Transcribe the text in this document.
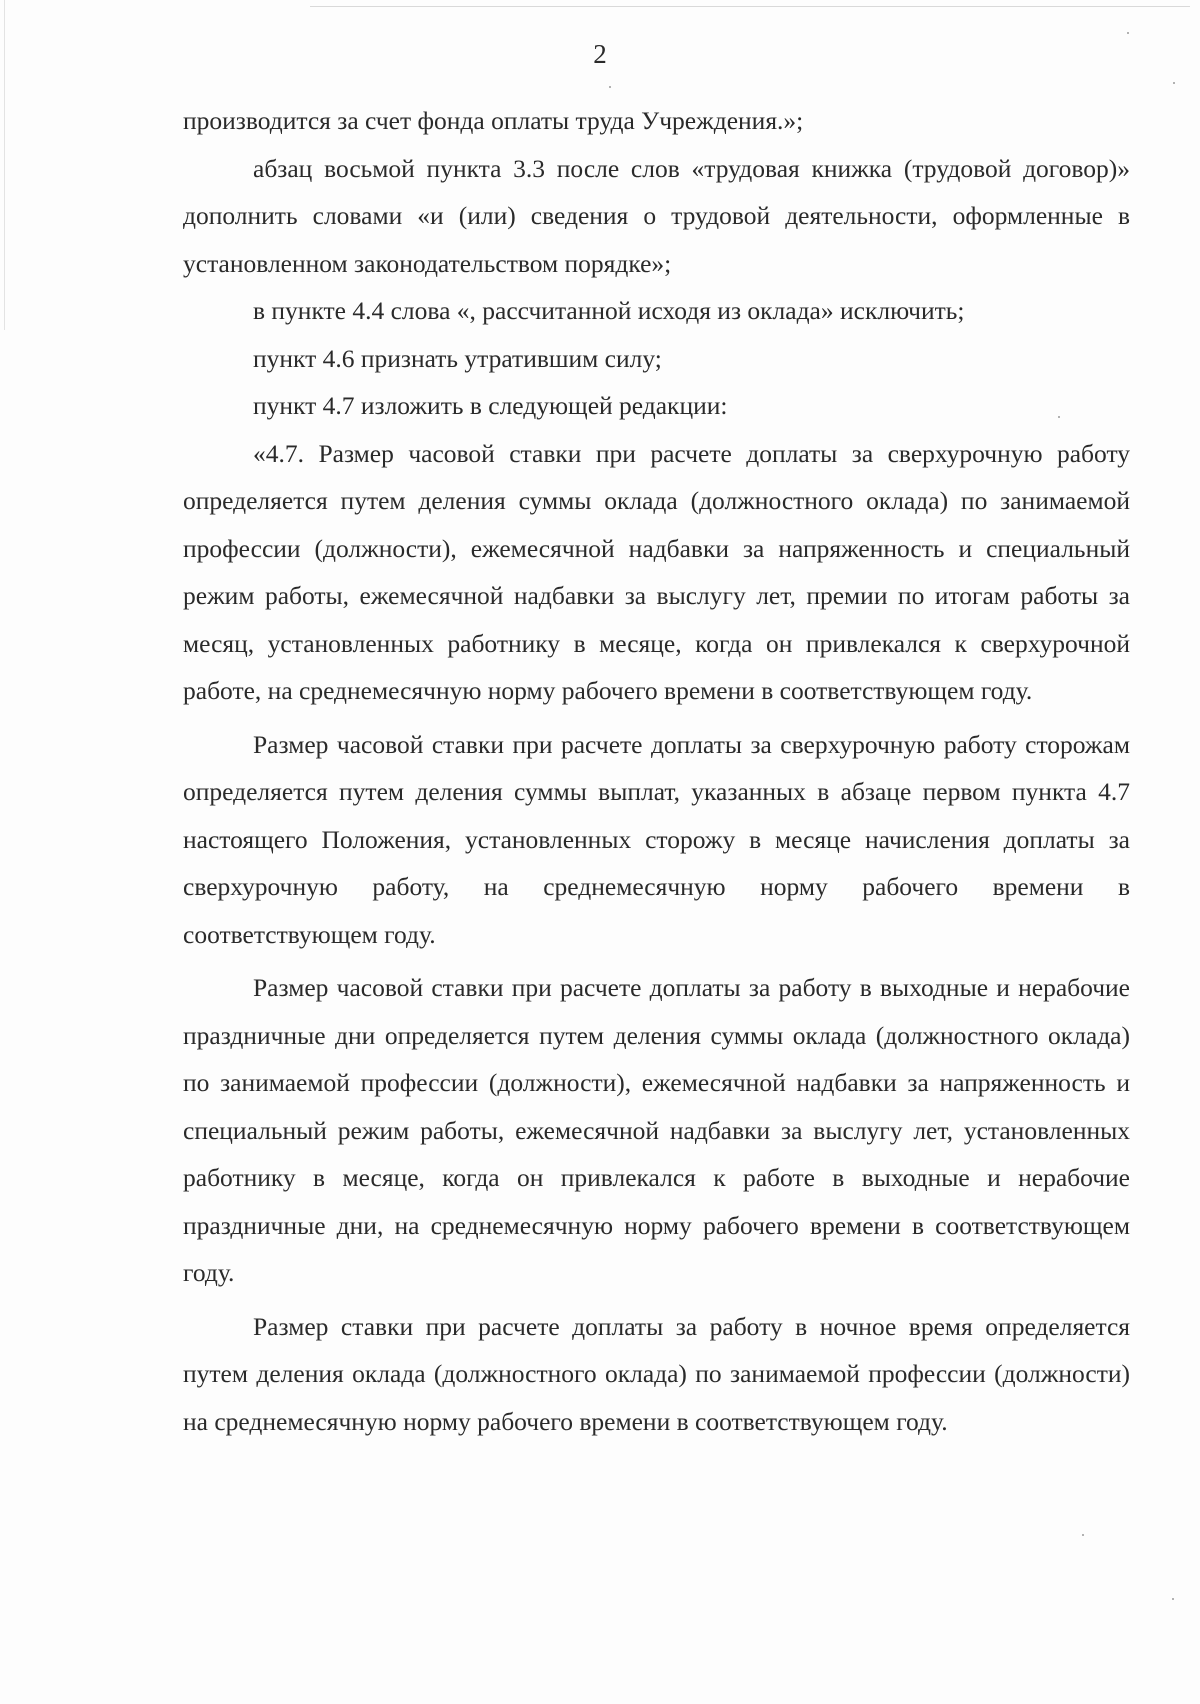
2

производится за счет фонда оплаты труда Учреждения.»;

абзац восьмой пункта 3.3 после слов «трудовая книжка (трудовой договор)» дополнить словами «и (или) сведения о трудовой деятельности, оформленные в установленном законодательством порядке»;

в пункте 4.4 слова «, рассчитанной исходя из оклада» исключить;

пункт 4.6 признать утратившим силу;

пункт 4.7 изложить в следующей редакции:

«4.7. Размер часовой ставки при расчете доплаты за сверхурочную работу определяется путем деления суммы оклада (должностного оклада) по занимаемой профессии (должности), ежемесячной надбавки за напряженность и специальный режим работы, ежемесячной надбавки за выслугу лет, премии по итогам работы за месяц, установленных работнику в месяце, когда он привлекался к сверхурочной работе, на среднемесячную норму рабочего времени в соответствующем году.

Размер часовой ставки при расчете доплаты за сверхурочную работу сторожам определяется путем деления суммы выплат, указанных в абзаце первом пункта 4.7 настоящего Положения, установленных сторожу в месяце начисления доплаты за сверхурочную работу, на среднемесячную норму рабочего времени в соответствующем году.

Размер часовой ставки при расчете доплаты за работу в выходные и нерабочие праздничные дни определяется путем деления суммы оклада (должностного оклада) по занимаемой профессии (должности), ежемесячной надбавки за напряженность и специальный режим работы, ежемесячной надбавки за выслугу лет, установленных работнику в месяце, когда он привлекался к работе в выходные и нерабочие праздничные дни, на среднемесячную норму рабочего времени в соответствующем году.

Размер ставки при расчете доплаты за работу в ночное время определяется путем деления оклада (должностного оклада) по занимаемой профессии (должности) на среднемесячную норму рабочего времени в соответствующем году.
